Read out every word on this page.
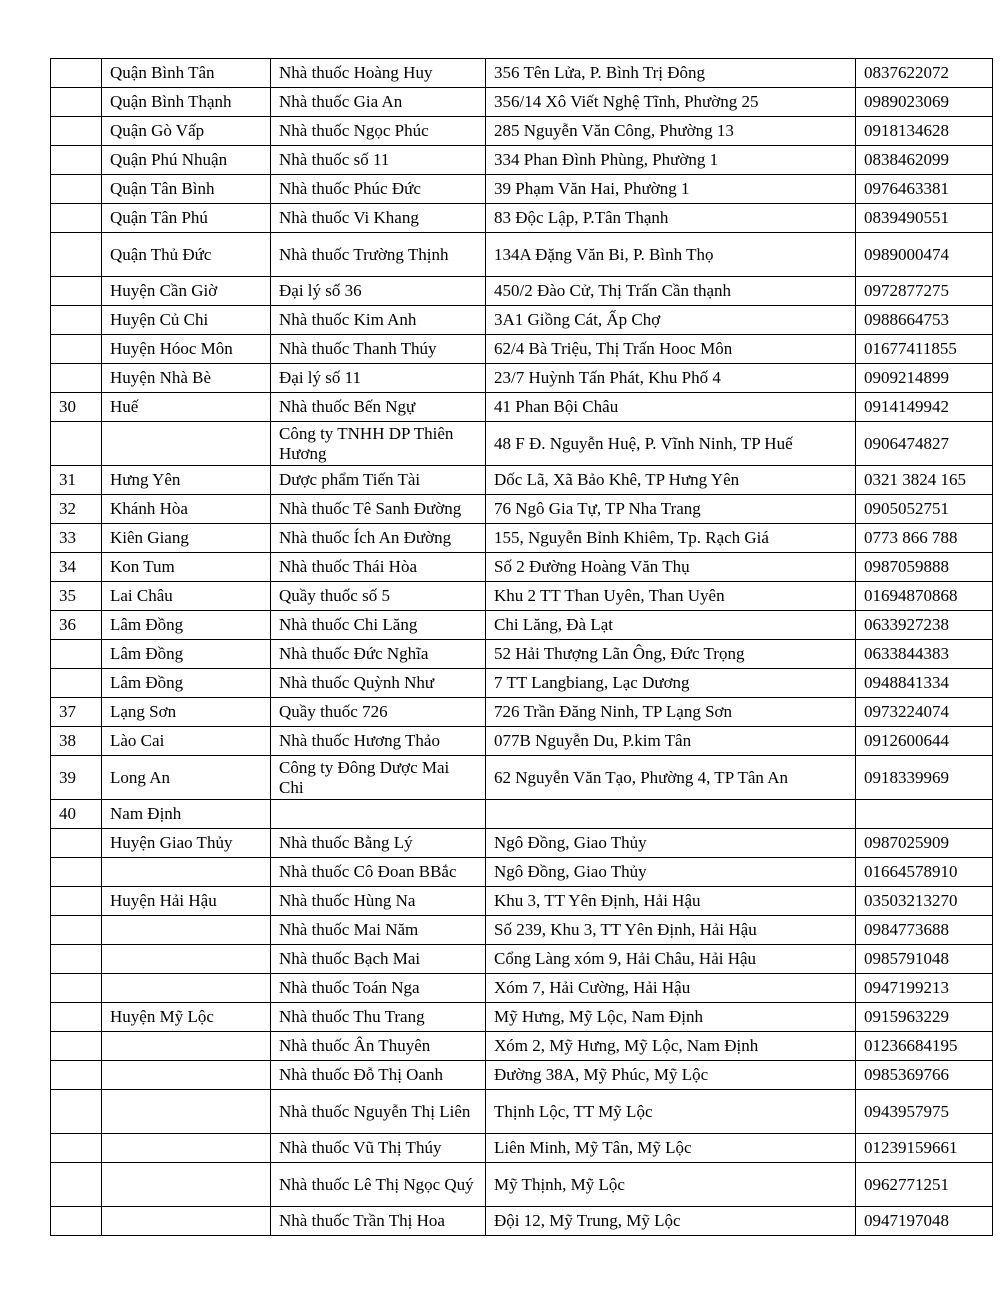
	Quận Bình Tân	Nhà thuốc Hoàng Huy	356 Tên Lửa, P. Bình Trị Đông	0837622072
	Quận Bình Thạnh	Nhà thuốc Gia An	356/14 Xô Viết Nghệ Tĩnh, Phường 25	0989023069
	Quận Gò Vấp	Nhà thuốc Ngọc Phúc	285 Nguyễn Văn Công, Phường 13	0918134628
	Quận Phú Nhuận	Nhà thuốc số 11	334 Phan Đình Phùng, Phường 1	0838462099
	Quận Tân Bình	Nhà thuốc Phúc Đức	39 Phạm Văn Hai, Phường 1	0976463381
	Quận Tân Phú	Nhà thuốc Vi Khang	83 Độc Lập, P.Tân Thạnh	0839490551
	Quận Thủ Đức	Nhà thuốc Trường Thịnh	134A Đặng Văn Bi, P. Bình Thọ	0989000474
	Huyện Cần Giờ	Đại lý số 36	450/2 Đào Cử, Thị Trấn Cần thạnh	0972877275
	Huyện Củ Chi	Nhà thuốc Kim Anh	3A1 Giồng Cát, Ấp Chợ	0988664753
	Huyện Hóoc Môn	Nhà thuốc Thanh Thúy	62/4 Bà Triệu, Thị Trấn Hooc Môn	01677411855
	Huyện Nhà Bè	Đại lý số 11	23/7 Huỳnh Tấn Phát, Khu Phố 4	0909214899
30	Huế	Nhà thuốc Bến Ngự	41 Phan Bội Châu	0914149942
		Công ty TNHH DP Thiên Hương	48 F Đ. Nguyễn Huệ, P. Vĩnh Ninh, TP Huế	0906474827
31	Hưng Yên	Dược phẩm Tiến Tài	Dốc Lã, Xã Bảo Khê, TP Hưng Yên	0321 3824 165
32	Khánh Hòa	Nhà thuốc Tê Sanh Đường	76 Ngô Gia Tự, TP Nha Trang	0905052751
33	Kiên Giang	Nhà thuốc Ích An Đường	155, Nguyễn Bỉnh Khiêm, Tp. Rạch Giá	0773 866 788
34	Kon Tum	Nhà thuốc Thái Hòa	Số 2 Đường Hoàng Văn Thụ	0987059888
35	Lai Châu	Quầy thuốc số 5	Khu 2 TT Than Uyên, Than Uyên	01694870868
36	Lâm Đồng	Nhà thuốc Chi Lăng	Chi Lăng, Đà Lạt	0633927238
	Lâm Đồng	Nhà thuốc Đức Nghĩa	52 Hải Thượng Lãn Ông, Đức Trọng	0633844383
	Lâm Đồng	Nhà thuốc Quỳnh Như	7 TT Langbiang, Lạc Dương	0948841334
37	Lạng Sơn	Quầy thuốc 726	726 Trần Đăng Ninh, TP Lạng Sơn	0973224074
38	Lào Cai	Nhà thuốc Hương Thảo	077B Nguyễn Du, P.kim Tân	0912600644
39	Long An	Công ty Đông Dược Mai Chi	62 Nguyễn Văn Tạo, Phường 4, TP Tân An	0918339969
40	Nam Định			
	Huyện Giao Thủy	Nhà thuốc Bằng Lý	Ngô Đồng, Giao Thủy	0987025909
		Nhà thuốc Cô Đoan BBắc	Ngô Đồng, Giao Thủy	01664578910
	Huyện Hải Hậu	Nhà thuốc Hùng Na	Khu 3, TT Yên Định, Hải Hậu	03503213270
		Nhà thuốc Mai Năm	Số 239, Khu 3, TT Yên Định, Hải Hậu	0984773688
		Nhà thuốc Bạch Mai	Cổng Làng xóm 9, Hải Châu, Hải Hậu	0985791048
		Nhà thuốc Toán Nga	Xóm 7, Hải Cường, Hải Hậu	0947199213
	Huyện Mỹ Lộc	Nhà thuốc Thu Trang	Mỹ Hưng, Mỹ Lộc, Nam Định	0915963229
		Nhà thuốc Ân Thuyên	Xóm 2, Mỹ Hưng, Mỹ Lộc, Nam Định	01236684195
		Nhà thuốc Đỗ Thị Oanh	Đường 38A, Mỹ Phúc, Mỹ Lộc	0985369766
		Nhà thuốc Nguyễn Thị Liên	Thịnh Lộc, TT Mỹ Lộc	0943957975
		Nhà thuốc Vũ Thị Thúy	Liên Minh, Mỹ Tân, Mỹ Lộc	01239159661
		Nhà thuốc Lê Thị Ngọc Quý	Mỹ Thịnh, Mỹ Lộc	0962771251
		Nhà thuốc Trần Thị Hoa	Đội 12, Mỹ Trung, Mỹ Lộc	0947197048
